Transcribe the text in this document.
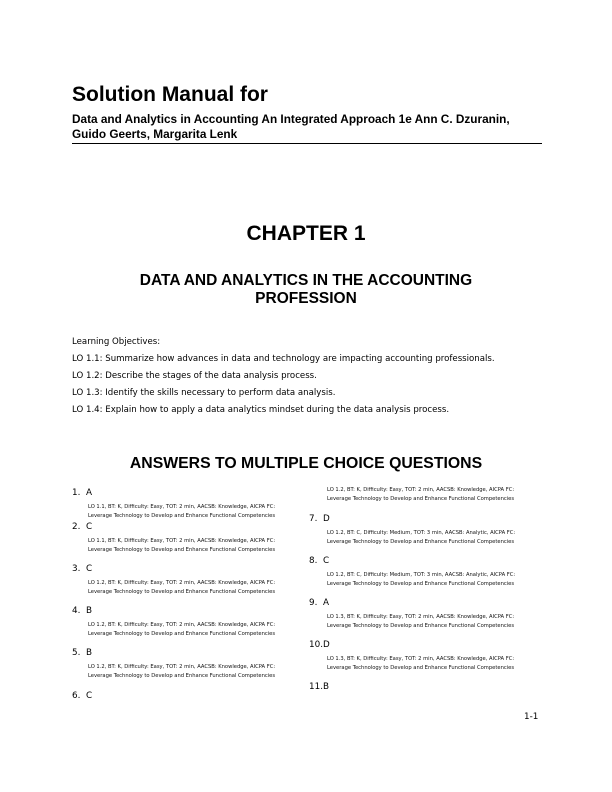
Solution Manual for
Data and Analytics in Accounting An Integrated Approach 1e Ann C. Dzuranin, Guido Geerts, Margarita Lenk
CHAPTER 1
DATA AND ANALYTICS IN THE ACCOUNTING PROFESSION
Learning Objectives:
LO 1.1: Summarize how advances in data and technology are impacting accounting professionals.
LO 1.2: Describe the stages of the data analysis process.
LO 1.3: Identify the skills necessary to perform data analysis.
LO 1.4: Explain how to apply a data analytics mindset during the data analysis process.
ANSWERS TO MULTIPLE CHOICE QUESTIONS
1. A
LO 1.1, BT: K, Difficulty: Easy, TOT: 2 min, AACSB: Knowledge, AICPA FC:
Leverage Technology to Develop and Enhance Functional Competencies
2. C
LO 1.1, BT: K, Difficulty: Easy, TOT: 2 min, AACSB: Knowledge, AICPA FC:
Leverage Technology to Develop and Enhance Functional Competencies
3. C
LO 1.2, BT: K, Difficulty: Easy, TOT: 2 min, AACSB: Knowledge, AICPA FC:
Leverage Technology to Develop and Enhance Functional Competencies
4. B
LO 1.2, BT: K, Difficulty: Easy, TOT: 2 min, AACSB: Knowledge, AICPA FC:
Leverage Technology to Develop and Enhance Functional Competencies
5. B
LO 1.2, BT: K, Difficulty: Easy, TOT: 2 min, AACSB: Knowledge, AICPA FC:
Leverage Technology to Develop and Enhance Functional Competencies
6. C
LO 1.2, BT: K, Difficulty: Easy, TOT: 2 min, AACSB: Knowledge, AICPA FC:
Leverage Technology to Develop and Enhance Functional Competencies
7. D
LO 1.2, BT: C, Difficulty: Medium, TOT: 3 min, AACSB: Analytic, AICPA FC:
Leverage Technology to Develop and Enhance Functional Competencies
8. C
LO 1.2, BT: C, Difficulty: Medium, TOT: 3 min, AACSB: Analytic, AICPA FC:
Leverage Technology to Develop and Enhance Functional Competencies
9. A
LO 1.3, BT: K, Difficulty: Easy, TOT: 2 min, AACSB: Knowledge, AICPA FC:
Leverage Technology to Develop and Enhance Functional Competencies
10.D
LO 1.3, BT: K, Difficulty: Easy, TOT: 2 min, AACSB: Knowledge, AICPA FC:
Leverage Technology to Develop and Enhance Functional Competencies
11.B
1-1
